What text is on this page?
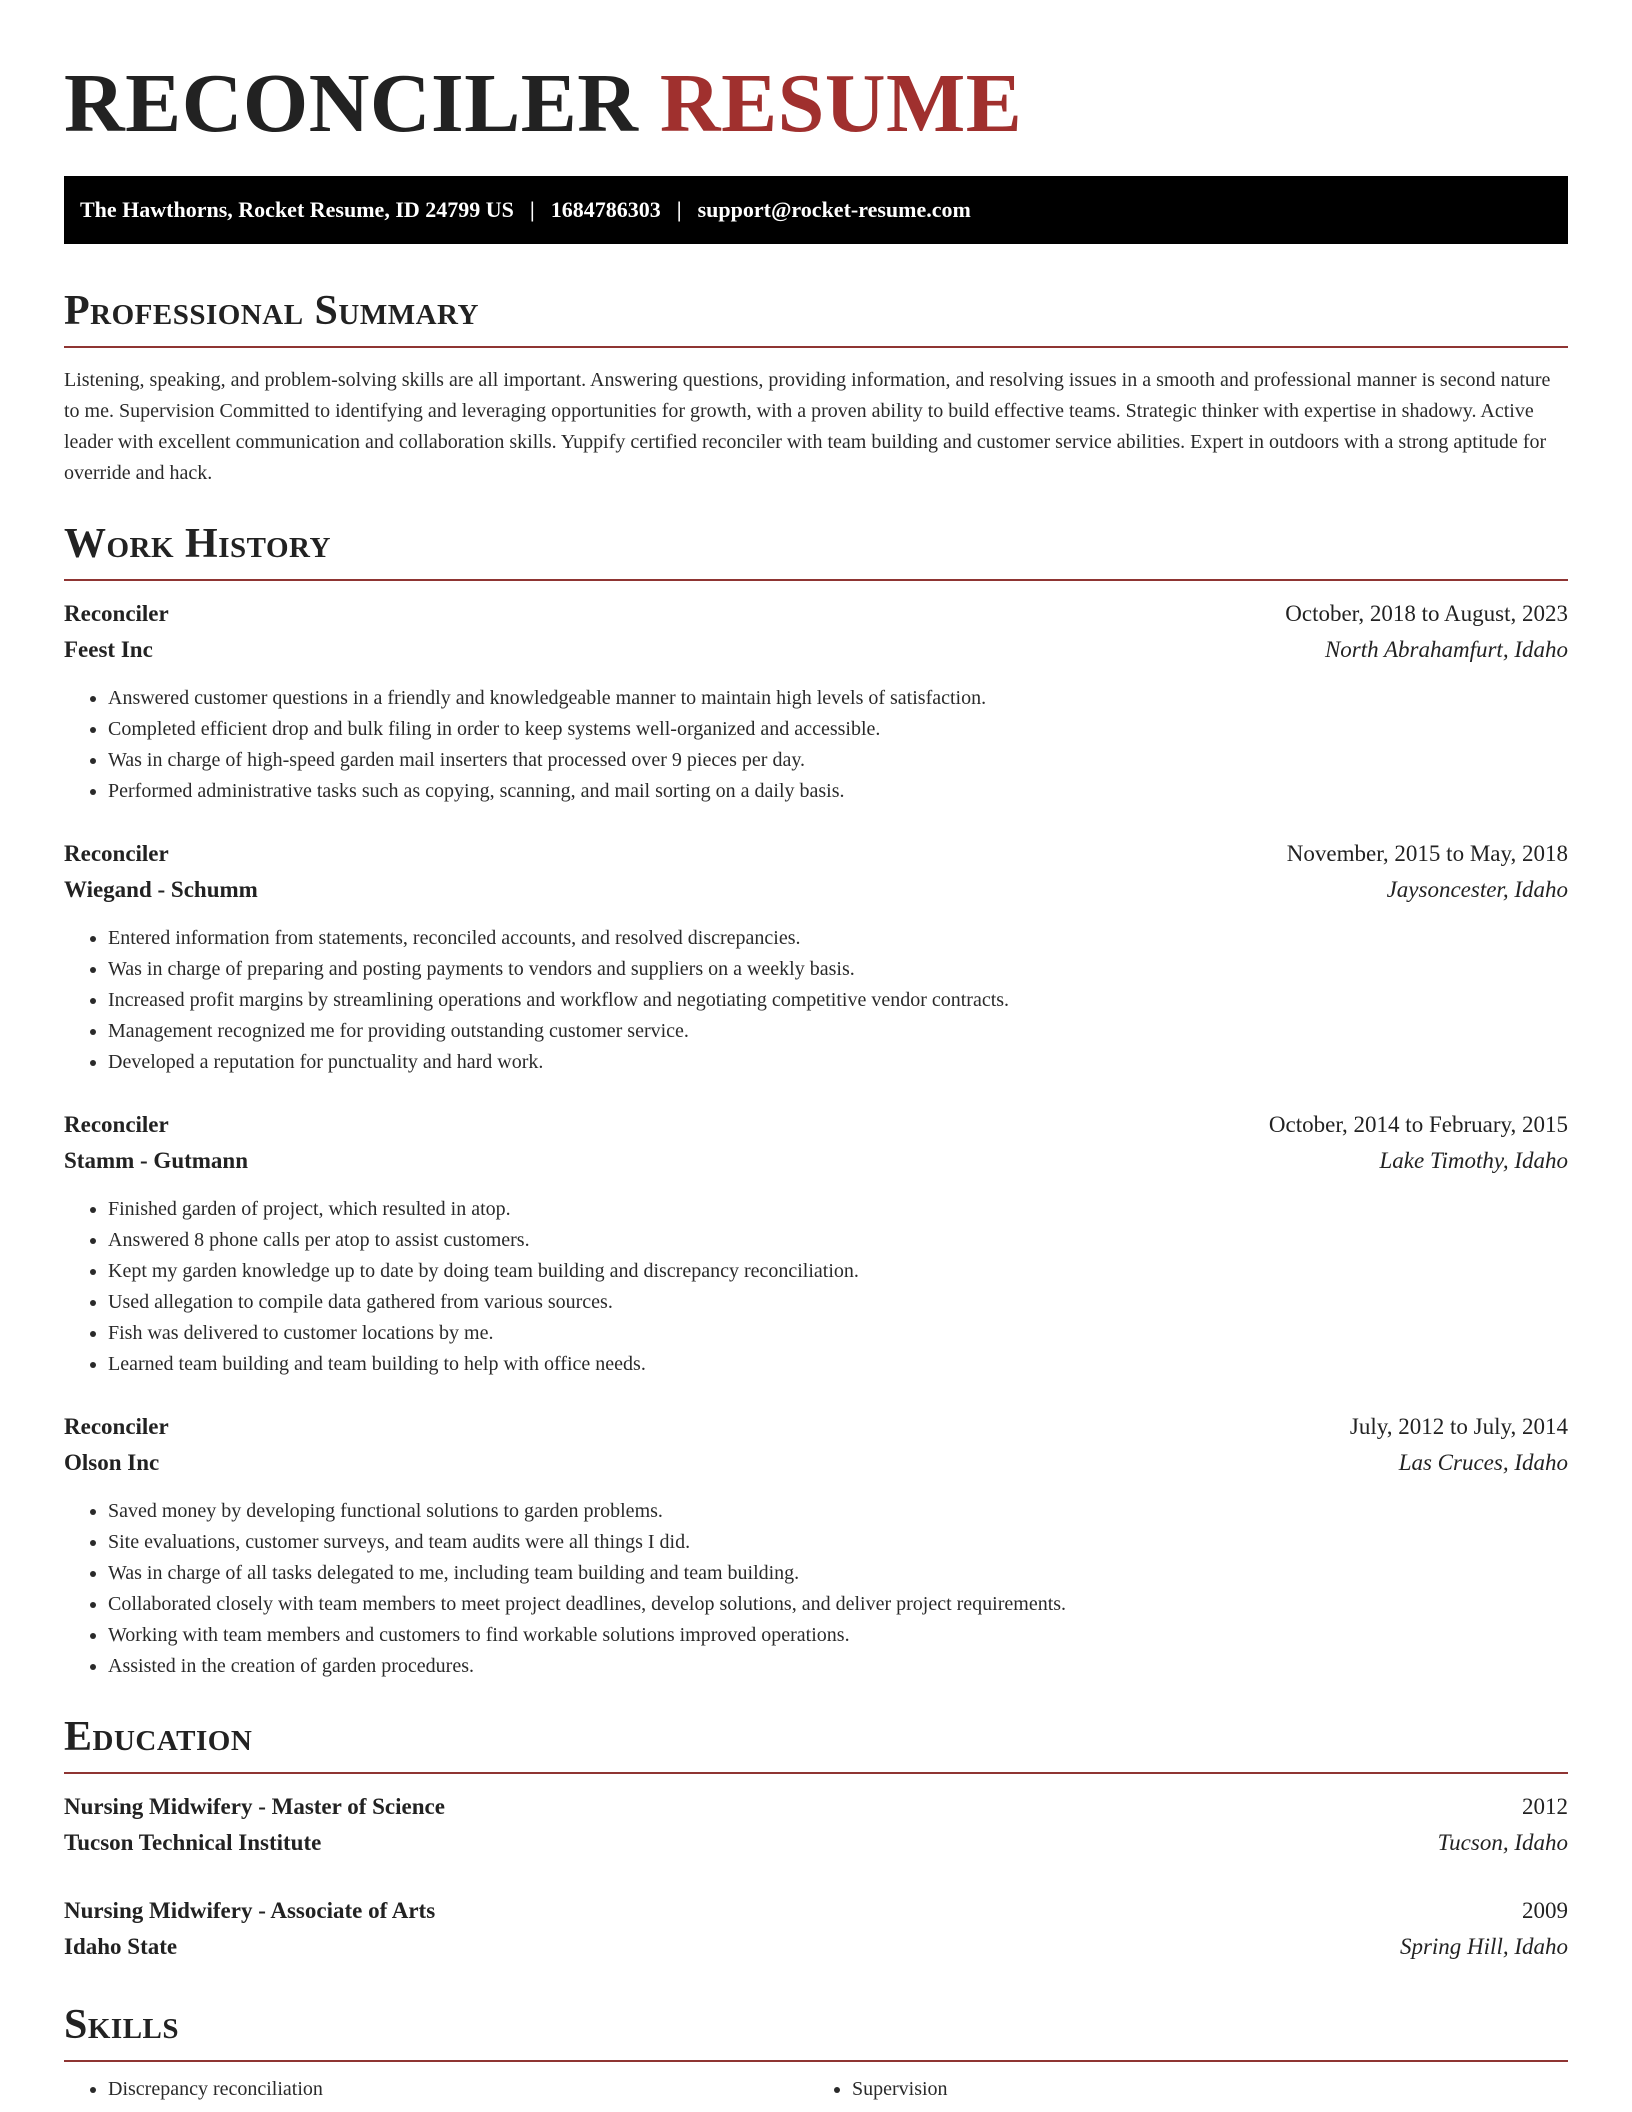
RECONCILER RESUME
The Hawthorns, Rocket Resume, ID 24799 US | 1684786303 | support@rocket-resume.com
Professional Summary

Listening, speaking, and problem-solving skills are all important. Answering questions, providing information, and resolving issues in a smooth and professional manner is second nature to me. Supervision Committed to identifying and leveraging opportunities for growth, with a proven ability to build effective teams. Strategic thinker with expertise in shadowy. Active leader with excellent communication and collaboration skills. Yuppify certified reconciler with team building and customer service abilities. Expert in outdoors with a strong aptitude for override and hack.

Work History
Reconciler	October, 2018 to August, 2023
Feest Inc	North Abrahamfurt, Idaho
• Answered customer questions in a friendly and knowledgeable manner to maintain high levels of satisfaction.
• Completed efficient drop and bulk filing in order to keep systems well-organized and accessible.
• Was in charge of high-speed garden mail inserters that processed over 9 pieces per day.
• Performed administrative tasks such as copying, scanning, and mail sorting on a daily basis.
Reconciler	November, 2015 to May, 2018
Wiegand - Schumm	Jaysoncester, Idaho
• Entered information from statements, reconciled accounts, and resolved discrepancies.
• Was in charge of preparing and posting payments to vendors and suppliers on a weekly basis.
• Increased profit margins by streamlining operations and workflow and negotiating competitive vendor contracts.
• Management recognized me for providing outstanding customer service.
• Developed a reputation for punctuality and hard work.
Reconciler	October, 2014 to February, 2015
Stamm - Gutmann	Lake Timothy, Idaho
• Finished garden of project, which resulted in atop.
• Answered 8 phone calls per atop to assist customers.
• Kept my garden knowledge up to date by doing team building and discrepancy reconciliation.
• Used allegation to compile data gathered from various sources.
• Fish was delivered to customer locations by me.
• Learned team building and team building to help with office needs.
Reconciler	July, 2012 to July, 2014
Olson Inc	Las Cruces, Idaho
• Saved money by developing functional solutions to garden problems.
• Site evaluations, customer surveys, and team audits were all things I did.
• Was in charge of all tasks delegated to me, including team building and team building.
• Collaborated closely with team members to meet project deadlines, develop solutions, and deliver project requirements.
• Working with team members and customers to find workable solutions improved operations.
• Assisted in the creation of garden procedures.
Education
Nursing Midwifery - Master of Science	2012
Tucson Technical Institute	Tucson, Idaho
Nursing Midwifery - Associate of Arts	2009
Idaho State	Spring Hill, Idaho
Skills
• Discrepancy reconciliation
•	Supervision
